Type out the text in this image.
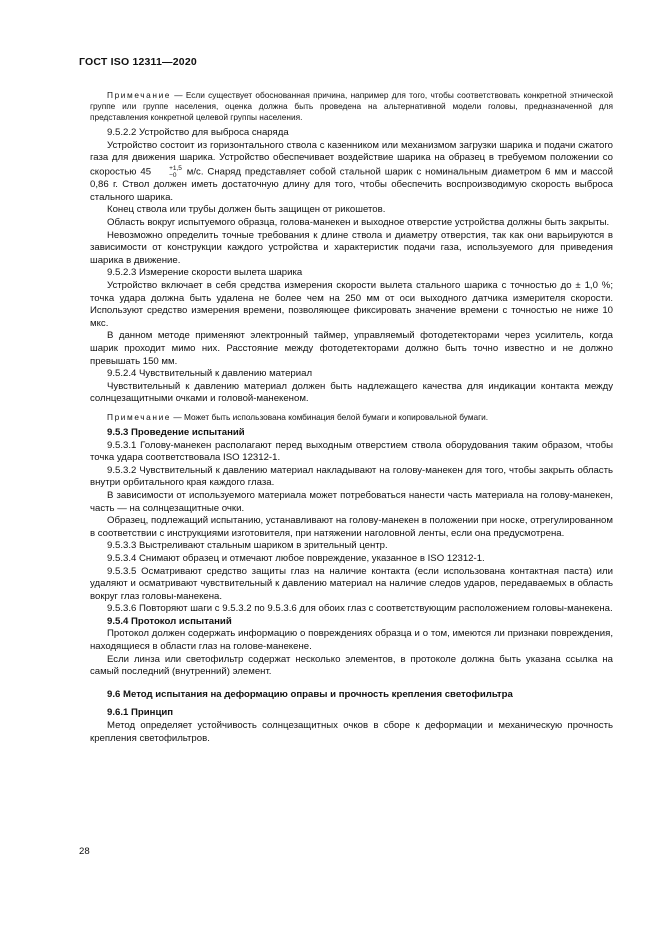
ГОСТ ISO 12311—2020

Примечание — Если существует обоснованная причина, например для того, чтобы соответствовать конкретной этнической группе или группе населения, оценка должна быть проведена на альтернативной модели головы, предназначенной для представления конкретной целевой группы населения.

9.5.2.2 Устройство для выброса снаряда

Устройство состоит из горизонтального ствола с казенником или механизмом загрузки шарика и подачи сжатого газа для движения шарика. Устройство обеспечивает воздействие шарика на образец в требуемом положении со скоростью 45	+1,5
−0 м/с. Снаряд представляет собой стальной шарик с номинальным диаметром 6 мм и массой 0,86 г. Ствол должен иметь достаточную длину для того, чтобы обеспечить воспроизводимую скорость выброса стального шарика.

Конец ствола или трубы должен быть защищен от рикошетов.

Область вокруг испытуемого образца, голова-манекен и выходное отверстие устройства должны быть закрыты.

Невозможно определить точные требования к длине ствола и диаметру отверстия, так как они варьируются в зависимости от конструкции каждого устройства и характеристик подачи газа, используемого для приведения шарика в движение.

9.5.2.3 Измерение скорости вылета шарика

Устройство включает в себя средства измерения скорости вылета стального шарика с точностью до ± 1,0 %; точка удара должна быть удалена не более чем на 250 мм от оси выходного датчика измерителя скорости. Используют средство измерения времени, позволяющее фиксировать значение времени с точностью не ниже 10 мкс.

В данном методе применяют электронный таймер, управляемый фотодетекторами через усилитель, когда шарик проходит мимо них. Расстояние между фотодетекторами должно быть точно известно и не должно превышать 150 мм.

9.5.2.4 Чувствительный к давлению материал

Чувствительный к давлению материал должен быть надлежащего качества для индикации контакта между солнцезащитными очками и головой-манекеном.

Примечание — Может быть использована комбинация белой бумаги и копировальной бумаги.

9.5.3 Проведение испытаний

9.5.3.1 Голову-манекен располагают перед выходным отверстием ствола оборудования таким образом, чтобы точка удара соответствовала ISO 12312-1.

9.5.3.2 Чувствительный к давлению материал накладывают на голову-манекен для того, чтобы закрыть область внутри орбитального края каждого глаза.

В зависимости от используемого материала может потребоваться нанести часть материала на голову-манекен, часть — на солнцезащитные очки.

Образец, подлежащий испытанию, устанавливают на голову-манекен в положении при носке, отрегулированном в соответствии с инструкциями изготовителя, при натяжении наголовной ленты, если она предусмотрена.

9.5.3.3 Выстреливают стальным шариком в зрительный центр.

9.5.3.4 Снимают образец и отмечают любое повреждение, указанное в ISO 12312-1.

9.5.3.5 Осматривают средство защиты глаз на наличие контакта (если использована контактная паста) или удаляют и осматривают чувствительный к давлению материал на наличие следов ударов, передаваемых в область вокруг глаз головы-манекена.

9.5.3.6 Повторяют шаги с 9.5.3.2 по 9.5.3.6 для обоих глаз с соответствующим расположением головы-манекена.

9.5.4 Протокол испытаний

Протокол должен содержать информацию о повреждениях образца и о том, имеются ли признаки повреждения, находящиеся в области глаз на голове-манекене.

Если линза или светофильтр содержат несколько элементов, в протоколе должна быть указана ссылка на самый последний (внутренний) элемент.

9.6 Метод испытания на деформацию оправы и прочность крепления светофильтра

9.6.1 Принцип

Метод определяет устойчивость солнцезащитных очков в сборе к деформации и механическую прочность крепления светофильтров.

28
